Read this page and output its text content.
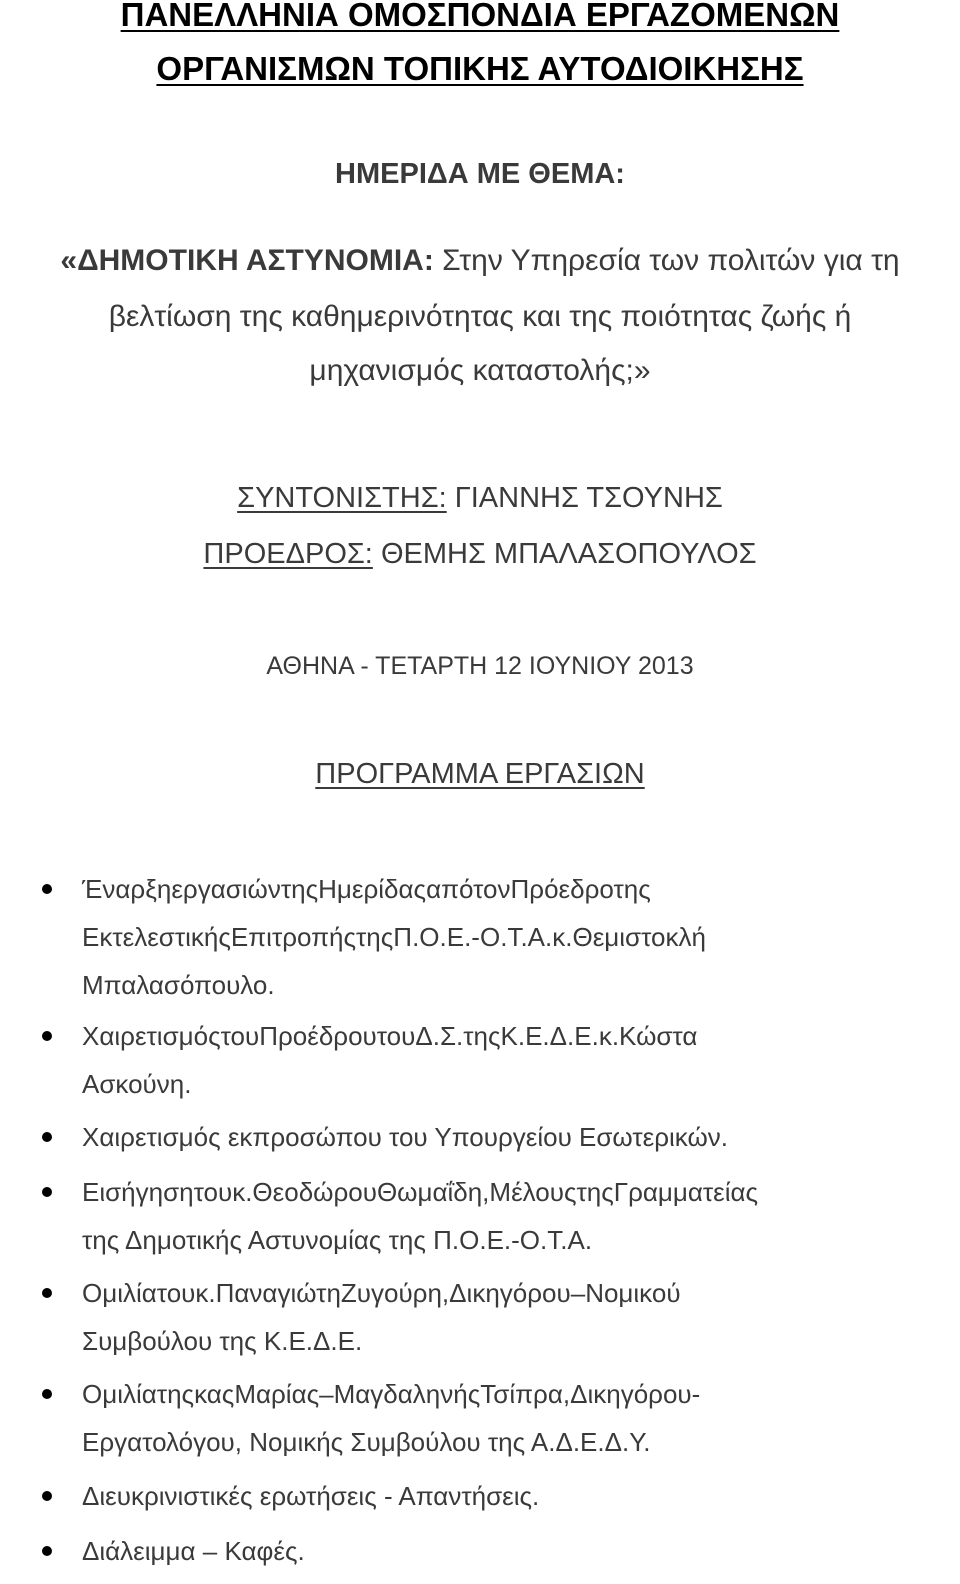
ΠΑΝΕΛΛΗΝΙΑ ΟΜΟΣΠΟΝΔΙΑ ΕΡΓΑΖΟΜΕΝΩΝ
ΟΡΓΑΝΙΣΜΩΝ ΤΟΠΙΚΗΣ ΑΥΤΟΔΙΟΙΚΗΣΗΣ
ΗΜΕΡΙΔΑ ΜΕ ΘΕΜΑ:
«ΔΗΜΟΤΙΚΗ ΑΣΤΥΝΟΜΙΑ: Στην Υπηρεσία των πολιτών για τη
βελτίωση της καθημερινότητας και της ποιότητας ζωής ή
μηχανισμός καταστολής;»
ΣΥΝΤΟΝΙΣΤΗΣ: ΓΙΑΝΝΗΣ ΤΣΟΥΝΗΣ
ΠΡΟΕΔΡΟΣ: ΘΕΜΗΣ ΜΠΑΛΑΣΟΠΟΥΛΟΣ
ΑΘΗΝΑ - ΤΕΤΑΡΤΗ 12 ΙΟΥΝΙΟΥ 2013
ΠΡΟΓΡΑΜΜΑ ΕΡΓΑΣΙΩΝ
ΈναρξηεργασιώντηςΗμερίδαςαπότονΠρόεδροτης
ΕκτελεστικήςΕπιτροπήςτηςΠ.Ο.Ε.-Ο.Τ.Α.κ.Θεμιστοκλή
Μπαλασόπουλο.
ΧαιρετισμόςτουΠροέδρουτουΔ.Σ.τηςΚ.Ε.Δ.Ε.κ.Κώστα
Ασκούνη.
Χαιρετισμός εκπροσώπου του Υπουργείου Εσωτερικών.
Εισήγησητουκ.ΘεοδώρουΘωμαΐδη,ΜέλουςτηςΓραμματείας
της Δημοτικής Αστυνομίας της Π.Ο.Ε.-Ο.Τ.Α.
Ομιλίατουκ.ΠαναγιώτηΖυγούρη,Δικηγόρου–Νομικού
Συμβούλου της Κ.Ε.Δ.Ε.
ΟμιλίατηςκαςΜαρίας–ΜαγδαληνήςΤσίπρα,Δικηγόρου-
Εργατολόγου, Νομικής Συμβούλου της Α.Δ.Ε.Δ.Υ.
Διευκρινιστικές ερωτήσεις - Απαντήσεις.
Διάλειμμα – Καφές.
